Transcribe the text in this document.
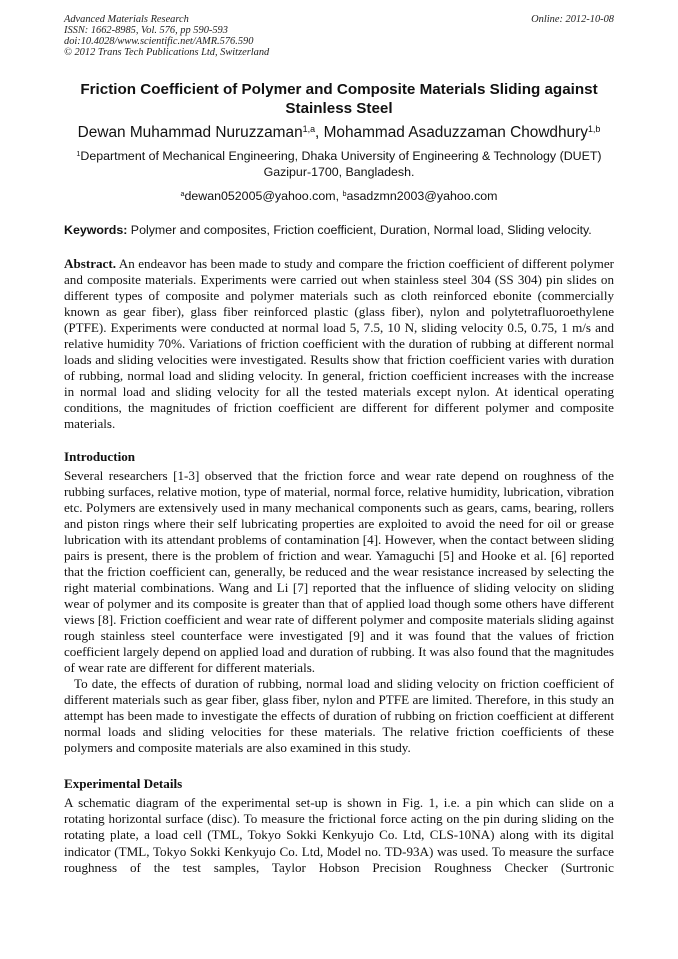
Advanced Materials Research
ISSN: 1662-8985, Vol. 576, pp 590-593
doi:10.4028/www.scientific.net/AMR.576.590
© 2012 Trans Tech Publications Ltd, Switzerland
Online: 2012-10-08
Friction Coefficient of Polymer and Composite Materials Sliding against
Stainless Steel
Dewan Muhammad Nuruzzaman$^{1,a}$, Mohammad Asaduzzaman Chowdhury$^{1,b}$
$^1$Department of Mechanical Engineering, Dhaka University of Engineering & Technology (DUET)
Gazipur-1700, Bangladesh.
$^a$dewan052005@yahoo.com, $^b$asadzmn2003@yahoo.com
Keywords: Polymer and composites, Friction coefficient, Duration, Normal load, Sliding velocity.
Abstract. An endeavor has been made to study and compare the friction coefficient of different polymer and composite materials. Experiments were carried out when stainless steel 304 (SS 304) pin slides on different types of composite and polymer materials such as cloth reinforced ebonite (commercially known as gear fiber), glass fiber reinforced plastic (glass fiber), nylon and polytetrafluoroethylene (PTFE). Experiments were conducted at normal load 5, 7.5, 10 N, sliding velocity 0.5, 0.75, 1 m/s and relative humidity 70%. Variations of friction coefficient with the duration of rubbing at different normal loads and sliding velocities were investigated. Results show that friction coefficient varies with duration of rubbing, normal load and sliding velocity. In general, friction coefficient increases with the increase in normal load and sliding velocity for all the tested materials except nylon. At identical operating conditions, the magnitudes of friction coefficient are different for different polymer and composite materials.
Introduction
Several researchers [1-3] observed that the friction force and wear rate depend on roughness of the rubbing surfaces, relative motion, type of material, normal force, relative humidity, lubrication, vibration etc. Polymers are extensively used in many mechanical components such as gears, cams, bearing, rollers and piston rings where their self lubricating properties are exploited to avoid the need for oil or grease lubrication with its attendant problems of contamination [4]. However, when the contact between sliding pairs is present, there is the problem of friction and wear. Yamaguchi [5] and Hooke et al. [6] reported that the friction coefficient can, generally, be reduced and the wear resistance increased by selecting the right material combinations. Wang and Li [7] reported that the influence of sliding velocity on sliding wear of polymer and its composite is greater than that of applied load though some others have different views [8]. Friction coefficient and wear rate of different polymer and composite materials sliding against rough stainless steel counterface were investigated [9] and it was found that the values of friction coefficient largely depend on applied load and duration of rubbing. It was also found that the magnitudes of wear rate are different for different materials.
To date, the effects of duration of rubbing, normal load and sliding velocity on friction coefficient of different materials such as gear fiber, glass fiber, nylon and PTFE are limited. Therefore, in this study an attempt has been made to investigate the effects of duration of rubbing on friction coefficient at different normal loads and sliding velocities for these materials. The relative friction coefficients of these polymers and composite materials are also examined in this study.
Experimental Details
A schematic diagram of the experimental set-up is shown in Fig. 1, i.e. a pin which can slide on a rotating horizontal surface (disc). To measure the frictional force acting on the pin during sliding on the rotating plate, a load cell (TML, Tokyo Sokki Kenkyujo Co. Ltd, CLS-10NA) along with its digital indicator (TML, Tokyo Sokki Kenkyujo Co. Ltd, Model no. TD-93A) was used. To measure the surface roughness of the test samples, Taylor Hobson Precision Roughness Checker (Surtronic
